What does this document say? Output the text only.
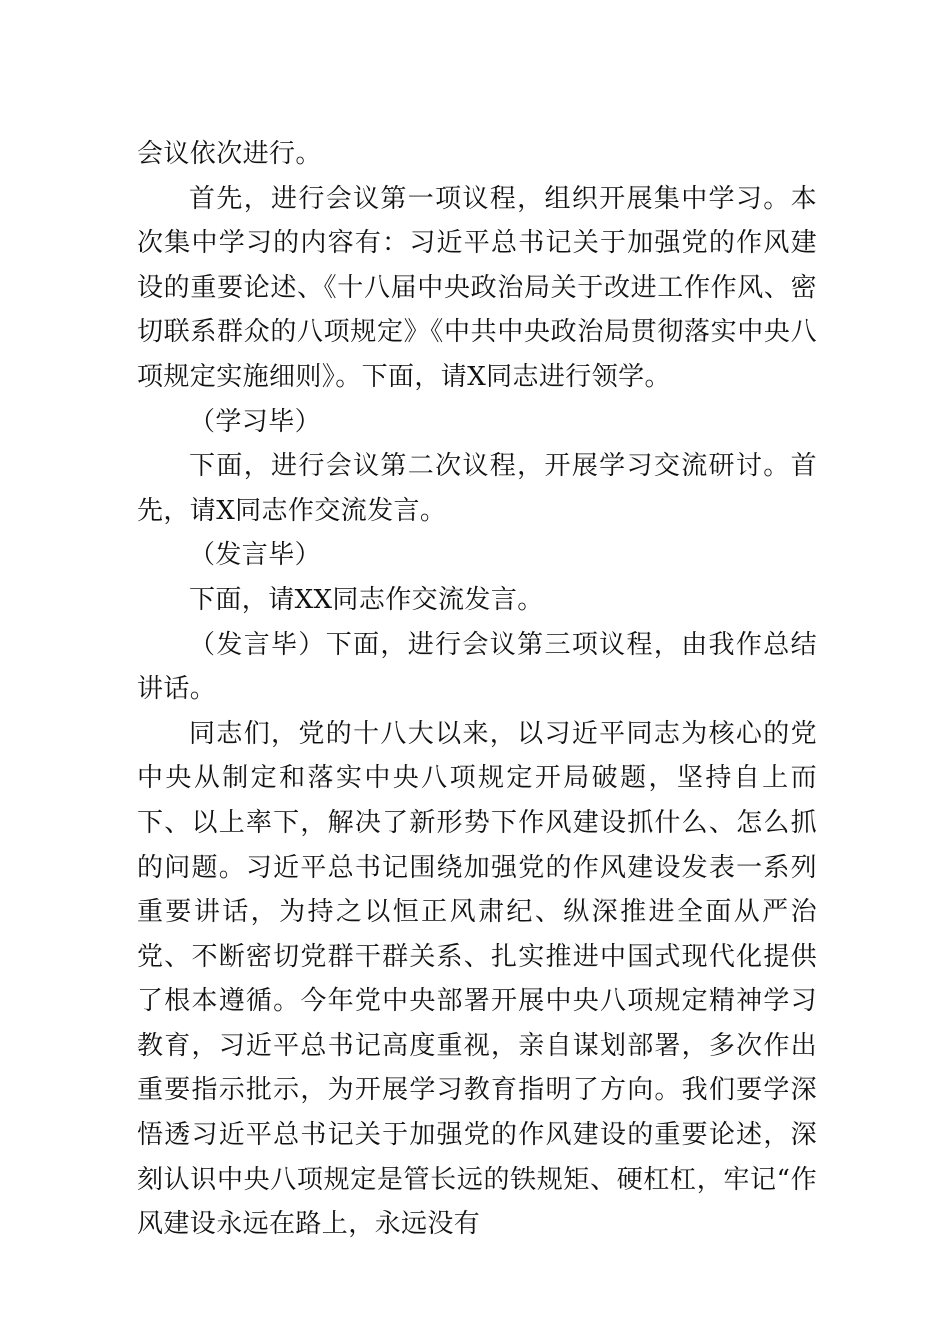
会议依次进行。

首先，进行会议第一项议程，组织开展集中学习。本次集中学习的内容有：习近平总书记关于加强党的作风建设的重要论述、《十八届中央政治局关于改进工作作风、密切联系群众的八项规定》《中共中央政治局贯彻落实中央八项规定实施细则》。下面，请X同志进行领学。

（学习毕）

下面，进行会议第二次议程，开展学习交流研讨。首先，请X同志作交流发言。

（发言毕）

下面，请XX同志作交流发言。

（发言毕）下面，进行会议第三项议程，由我作总结讲话。

同志们，党的十八大以来，以习近平同志为核心的党中央从制定和落实中央八项规定开局破题，坚持自上而下、以上率下，解决了新形势下作风建设抓什么、怎么抓的问题。习近平总书记围绕加强党的作风建设发表一系列重要讲话，为持之以恒正风肃纪、纵深推进全面从严治党、不断密切党群干群关系、扎实推进中国式现代化提供了根本遵循。今年党中央部署开展中央八项规定精神学习教育，习近平总书记高度重视，亲自谋划部署，多次作出重要指示批示，为开展学习教育指明了方向。我们要学深悟透习近平总书记关于加强党的作风建设的重要论述，深刻认识中央八项规定是管长远的铁规矩、硬杠杠，牢记“作风建设永远在路上，永远没有
